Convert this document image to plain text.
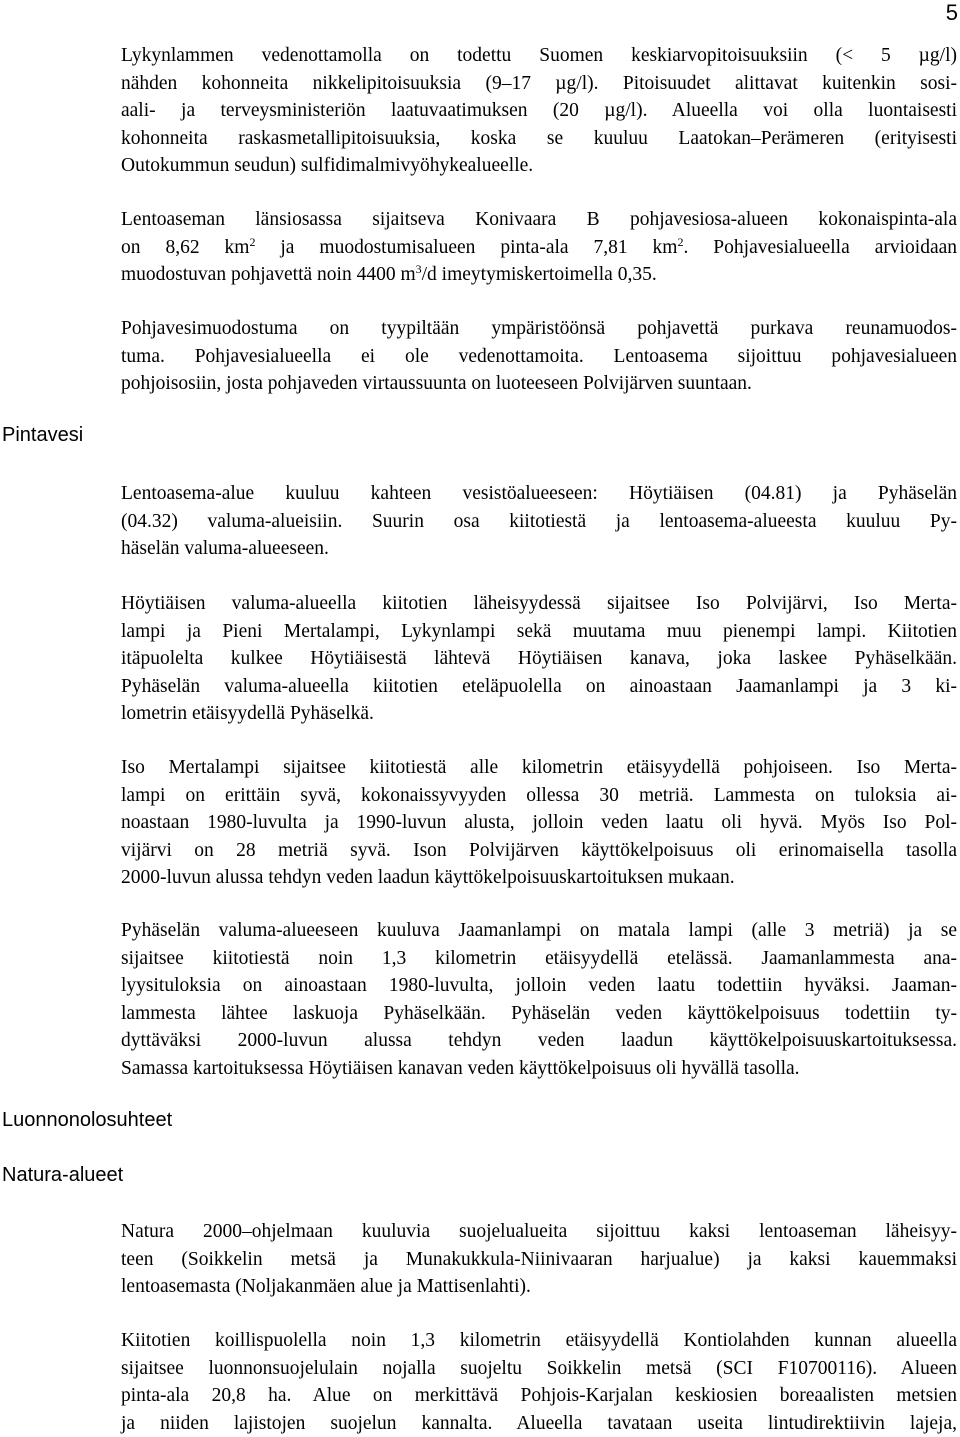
5
Pintavesi
Luonnonolosuhteet
Natura-alueet
Lykynlammen vedenottamolla on todettu Suomen keskiarvopitoisuuksiin (< 5 µg/l)
nähden kohonneita nikkelipitoisuuksia (9–17 µg/l). Pitoisuudet alittavat kuitenkin sosi-
aali- ja terveysministeriön laatuvaatimuksen (20 µg/l). Alueella voi olla luontaisesti
kohonneita raskasmetallipitoisuuksia, koska se kuuluu Laatokan–Perämeren (erityisesti
Outokummun seudun) sulfidimalmivyöhykealueelle.
Lentoaseman länsiosassa sijaitseva Konivaara B pohjavesiosa-alueen kokonaispinta-ala
on 8,62 $km^2$ ja muodostumisalueen pinta-ala 7,81 $km^2$. Pohjavesialueella arvioidaan
muodostuvan pohjavettä noin 4400 $m^3/d$ imeytymiskertoimella 0,35.
Pohjavesimuodostuma on tyypiltään ympäristöönsä pohjavettä purkava reunamuodos-
tuma. Pohjavesialueella ei ole vedenottamoita. Lentoasema sijoittuu pohjavesialueen
pohjoisosiin, josta pohjaveden virtaussuunta on luoteeseen Polvijärven suuntaan.
Lentoasema-alue kuuluu kahteen vesistöalueeseen: Höytiäisen (04.81) ja Pyhäselän
(04.32) valuma-alueisiin. Suurin osa kiitotiestä ja lentoasema-alueesta kuuluu Py-
häselän valuma-alueeseen.
Höytiäisen valuma-alueella kiitotien läheisyydessä sijaitsee Iso Polvijärvi, Iso Merta-
lampi ja Pieni Mertalampi, Lykynlampi sekä muutama muu pienempi lampi. Kiitotien
itäpuolelta kulkee Höytiäisestä lähtevä Höytiäisen kanava, joka laskee Pyhäselkään.
Pyhäselän valuma-alueella kiitotien eteläpuolella on ainoastaan Jaamanlampi ja 3 ki-
lometrin etäisyydellä Pyhäselkä.
Iso Mertalampi sijaitsee kiitotiestä alle kilometrin etäisyydellä pohjoiseen. Iso Merta-
lampi on erittäin syvä, kokonaissyvyyden ollessa 30 metriä. Lammesta on tuloksia ai-
noastaan 1980-luvulta ja 1990-luvun alusta, jolloin veden laatu oli hyvä. Myös Iso Pol-
vijärvi on 28 metriä syvä. Ison Polvijärven käyttökelpoisuus oli erinomaisella tasolla
2000-luvun alussa tehdyn veden laadun käyttökelpoisuuskartoituksen mukaan.
Pyhäselän valuma-alueeseen kuuluva Jaamanlampi on matala lampi (alle 3 metriä) ja se
sijaitsee kiitotiestä noin 1,3 kilometrin etäisyydellä etelässä. Jaamanlammesta ana-
lyysituloksia on ainoastaan 1980-luvulta, jolloin veden laatu todettiin hyväksi. Jaaman-
lammesta lähtee laskuoja Pyhäselkään. Pyhäselän veden käyttökelpoisuus todettiin ty-
dyttäväksi 2000-luvun alussa tehdyn veden laadun käyttökelpoisuuskartoituksessa.
Samassa kartoituksessa Höytiäisen kanavan veden käyttökelpoisuus oli hyvällä tasolla.
Natura 2000–ohjelmaan kuuluvia suojelualueita sijoittuu kaksi lentoaseman läheisyy-
teen (Soikkelin metsä ja Munakukkula-Niinivaaran harjualue) ja kaksi kauemmaksi
lentoasemasta (Noljakanmäen alue ja Mattisenlahti).
Kiitotien koillispuolella noin 1,3 kilometrin etäisyydellä Kontiolahden kunnan alueella
sijaitsee luonnonsuojelulain nojalla suojeltu Soikkelin metsä (SCI F10700116). Alueen
pinta-ala 20,8 ha. Alue on merkittävä Pohjois-Karjalan keskiosien boreaalisten metsien
ja niiden lajistojen suojelun kannalta. Alueella tavataan useita lintudirektiivin lajeja,
